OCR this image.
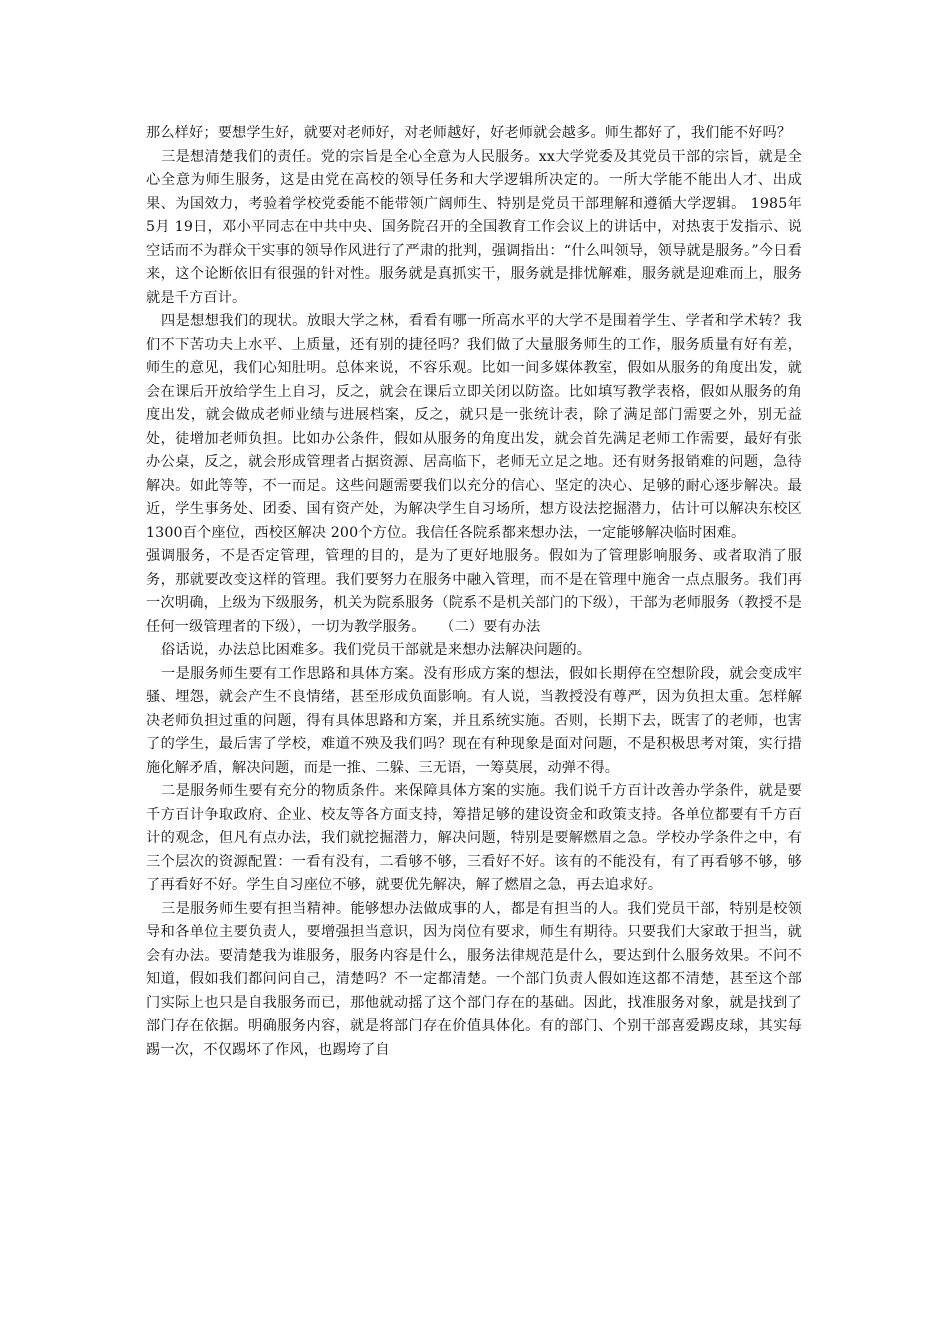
那么样好；要想学生好，就要对老师好，对老师越好，好老师就会越多。师生都好了，我们能不好吗？

三是想清楚我们的责任。党的宗旨是全心全意为人民服务。xx大学党委及其党员干部的宗旨，就是全心全意为师生服务，这是由党在高校的领导任务和大学逻辑所决定的。一所大学能不能出人才、出成果、为国效力，考验着学校党委能不能带领广阔师生、特别是党员干部理解和遵循大学逻辑。 1985年 5月 19日，邓小平同志在中共中央、国务院召开的全国教育工作会议上的讲话中，对热衷于发指示、说空话而不为群众干实事的领导作风进行了严肃的批判，强调指出：“什么叫领导，领导就是服务。”今日看来，这个论断依旧有很强的针对性。服务就是真抓实干，服务就是排忧解难，服务就是迎难而上，服务就是千方百计。

四是想想我们的现状。放眼大学之林，看看有哪一所高水平的大学不是围着学生、学者和学术转？我们不下苦功夫上水平、上质量，还有别的捷径吗？我们做了大量服务师生的工作，服务质量有好有差，师生的意见，我们心知肚明。总体来说，不容乐观。比如一间多媒体教室，假如从服务的角度出发，就会在课后开放给学生上自习，反之，就会在课后立即关闭以防盗。比如填写教学表格，假如从服务的角度出发，就会做成老师业绩与进展档案，反之，就只是一张统计表，除了满足部门需要之外，别无益处，徒增加老师负担。比如办公条件，假如从服务的角度出发，就会首先满足老师工作需要，最好有张办公桌，反之，就会形成管理者占据资源、居高临下，老师无立足之地。还有财务报销难的问题，急待解决。如此等等，不一而足。这些问题需要我们以充分的信心、坚定的决心、足够的耐心逐步解决。最近，学生事务处、团委、国有资产处，为解决学生自习场所，想方设法挖掘潜力，估计可以解决东校区 1300百个座位，西校区解决 200个方位。我信任各院系都来想办法，一定能够解决临时困难。

强调服务，不是否定管理，管理的目的，是为了更好地服务。假如为了管理影响服务、或者取消了服务，那就要改变这样的管理。我们要努力在服务中融入管理，而不是在管理中施舍一点点服务。我们再一次明确，上级为下级服务，机关为院系服务（院系不是机关部门的下级），干部为老师服务（教授不是任何一级管理者的下级），一切为教学服务。　　（二）要有办法

俗话说，办法总比困难多。我们党员干部就是来想办法解决问题的。

一是服务师生要有工作思路和具体方案。没有形成方案的想法，假如长期停在空想阶段，就会变成牢骚、埋怨，就会产生不良情绪，甚至形成负面影响。有人说，当教授没有尊严，因为负担太重。怎样解决老师负担过重的问题，得有具体思路和方案，并且系统实施。否则，长期下去，既害了的老师，也害了的学生，最后害了学校，难道不殃及我们吗？现在有种现象是面对问题，不是积极思考对策，实行措施化解矛盾，解决问题，而是一推、二躲、三无语，一筹莫展，动弹不得。

二是服务师生要有充分的物质条件。来保障具体方案的实施。我们说千方百计改善办学条件，就是要千方百计争取政府、企业、校友等各方面支持，筹措足够的建设资金和政策支持。各单位都要有千方百计的观念，但凡有点办法，我们就挖掘潜力，解决问题，特别是要解燃眉之急。学校办学条件之中，有三个层次的资源配置：一看有没有，二看够不够，三看好不好。该有的不能没有，有了再看够不够，够了再看好不好。学生自习座位不够，就要优先解决，解了燃眉之急，再去追求好。

三是服务师生要有担当精神。能够想办法做成事的人，都是有担当的人。我们党员干部，特别是校领导和各单位主要负责人，要增强担当意识，因为岗位有要求，师生有期待。只要我们大家敢于担当，就会有办法。要清楚我为谁服务，服务内容是什么，服务法律规范是什么，要达到什么服务效果。不问不知道，假如我们都问问自己，清楚吗？不一定都清楚。一个部门负责人假如连这都不清楚，甚至这个部门实际上也只是自我服务而已，那他就动摇了这个部门存在的基础。因此，找准服务对象，就是找到了部门存在依据。明确服务内容，就是将部门存在价值具体化。有的部门、个别干部喜爱踢皮球，其实每踢一次，不仅踢坏了作风，也踢垮了自
